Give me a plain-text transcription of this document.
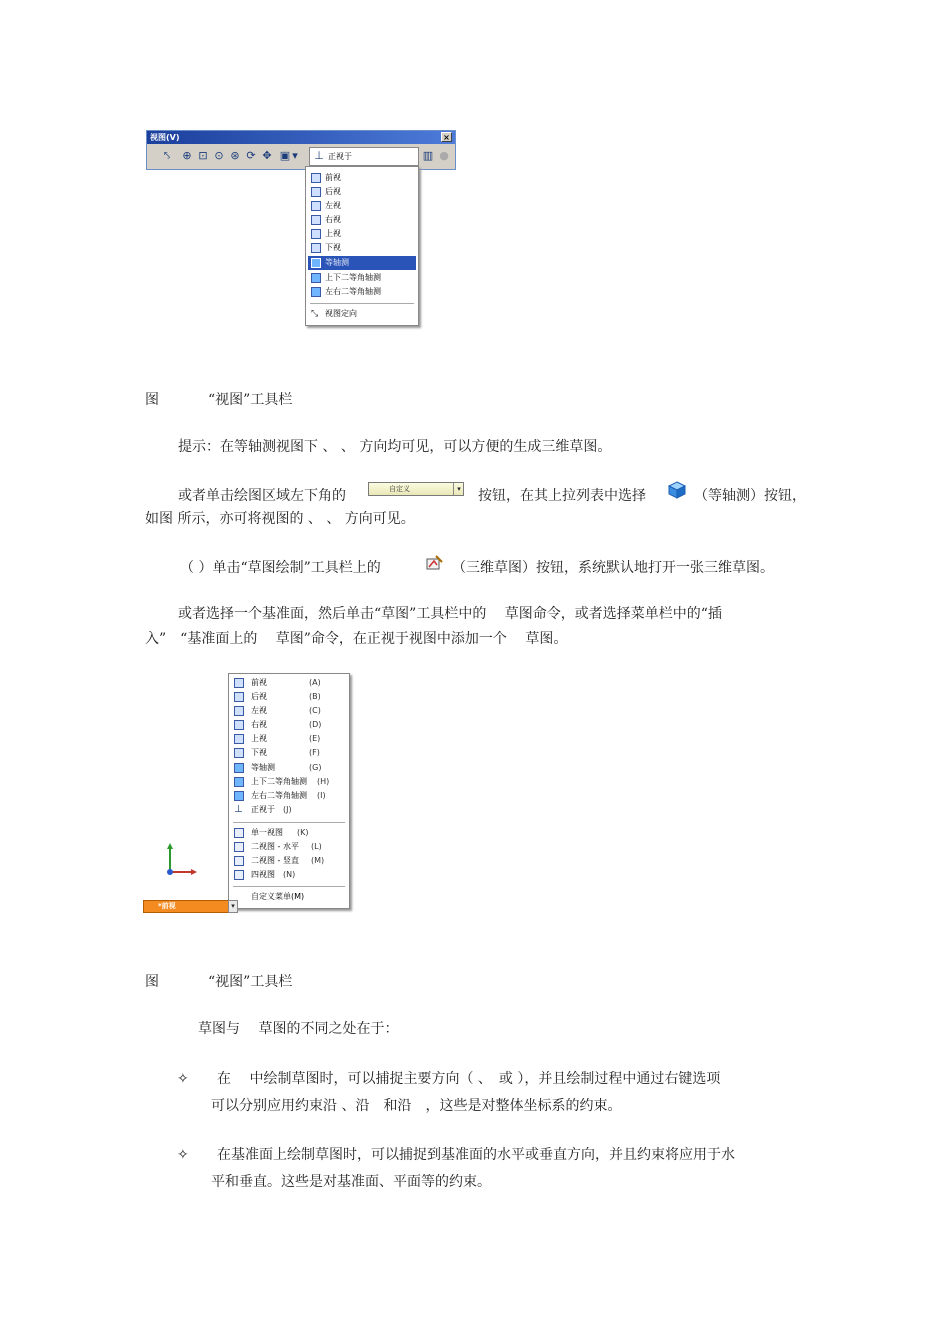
视图(V)	×
⤣ ⊕ ⊡ ⊙ ⊛ ⟳ ✥ ▣ ▾ ⊥ 正视于	▥ ●
前视
后视
左视
右视
上视
下视
等轴测
上下二等角轴测
左右二等角轴测
⤡ 视图定向
图	“视图”工具栏
提示：在等轴测视图下 、 、 方向均可见，可以方便的生成三维草图。
或者单击绘图区域左下角的	自定义	▾ 按钮，在其上拉列表中选择	（等轴测）按钮，
如图 所示，亦可将视图的 、 、 方向可见。
（ ）单击“草图绘制”工具栏上的	（三维草图）按钮，系统默认地打开一张三维草图。
或者选择一个基准面，然后单击“草图”工具栏中的　 草图命令，或者选择菜单栏中的“插
入”　“基准面上的　 草图”命令，在正视于视图中添加一个　 草图。
前视	(A)
后视	(B)
左视	(C)
右视	(D)
上视	(E)
下视	(F)
等轴测	(G)
上下二等角轴测 (H)
左右二等角轴测 (I)
⊥ 正视于 (J)
单一视图 (K)
二视图 - 水平 (L)
二视图 - 竖直 (M)
四视图 (N)
自定义菜单(M)
*前视	▾
图	“视图”工具栏
草图与　 草图的不同之处在于：
✧ 在　 中绘制草图时，可以捕捉主要方向（ 、　或 ），并且绘制过程中通过右键选项
可以分别应用约束沿 、沿　和沿　，这些是对整体坐标系的约束。
✧ 在基准面上绘制草图时，可以捕捉到基准面的水平或垂直方向，并且约束将应用于水
平和垂直。这些是对基准面、平面等的约束。
